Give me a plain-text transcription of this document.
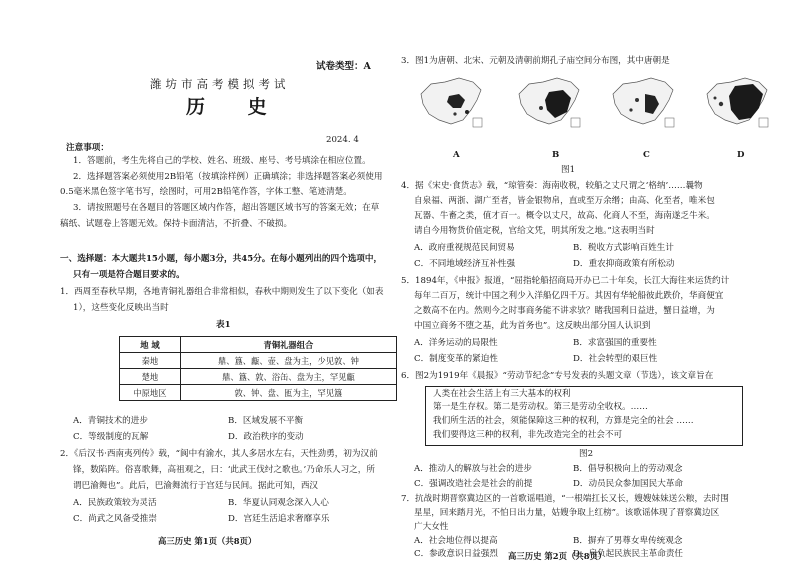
试卷类型：A
潍坊市高考模拟考试
历 史
2024. 4
注意事项：
1．答题前，考生先将自己的学校、姓名、班级、座号、考号填涂在相应位置。
2．选择题答案必须使用2B铅笔（按填涂样例）正确填涂；非选择题答案必须使用
0.5毫米黑色签字笔书写，绘图时，可用2B铅笔作答，字体工整、笔迹清楚。
3．请按照题号在各题目的答题区域内作答，超出答题区域书写的答案无效；在草
稿纸、试题卷上答题无效。保持卡面清洁，不折叠、不破损。
一、选择题：本大题共15小题，每小题3分，共45分。在每小题列出的四个选项中，
只有一项是符合题目要求的。
1．西周至春秋早期，各地青铜礼器组合非常相似，春秋中期则发生了以下变化（如表
1），这些变化反映出当时
表1
地 域	青铜礼器组合
秦地	鼎、簋、甗、壶、盘为主，少见敦、钟
楚地	鼎、簋、敦、浴缶、盘为主，罕见甗
中原地区	敦、钟、盘、匜为主，罕见簋
A．青铜技术的进步	B．区域发展不平衡
C．等级制度的瓦解	D．政治秩序的变动
2．《后汉书·西南夷列传》载，“阆中有渝水，其人多居水左右，天性劲勇，初为汉前
锋，数陷阵。俗喜歌舞，高祖观之，曰：‘此武王伐纣之歌也。’乃命乐人习之，所
谓巴渝舞也”。此后，巴渝舞流行于宫廷与民间。据此可知，西汉
A．民族政策较为灵活	B．华夏认同观念深入人心
C．尚武之风备受推崇	D．宫廷生活追求奢靡享乐
高三历史 第1页（共8页）
3．图1为唐朝、北宋、元朝及清朝前期孔子庙空间分布图，其中唐朝是
A	B	C	D
图1
4．据《宋史·食货志》载，“琼管奏：海南收税，较船之丈尺谓之‘格纳’……曩物
自泉福、两浙、湖广至者，皆金银物帛，直或至万余缗；由高、化至者，唯米包
瓦器、牛畜之类，值才百一。概令以丈尺，故高、化商人不至，海南遂乏牛米。
请自今用物货价值定税，官给文凭，明其所发之地。”这表明当时
A．政府重视规范民间贸易	B．税收方式影响百姓生计
C．不同地域经济互补性强	D．重农抑商政策有所松动
5．1894年，《申报》报道，“屈指轮船招商局开办已二十年矣，长江大海往来运货约计
每年二百万，统计中国之利少入洋船亿四千万。其因有华轮船彼此跌价，华商便宜
之数高不在内。然则今之时事商务能不讲求欤？睹我国利日益进，蟹日益增，为
中国立商务不堕之基，此为首务也”。这反映出部分国人认识到
A．洋务运动的局限性	B．求富强国的重要性
C．制度变革的紧迫性	D．社会转型的艰巨性
6．图2为1919年《晨报》“劳动节纪念”专号发表的头题文章（节选），该文章旨在
人类在社会生活上有三大基本的权利
第一是生存权。第二是劳动权。第三是劳动全收权。……
我们所生活的社会，须能保障这三种的权利，方算是完全的社会 ……
我们要得这三种的权利，非先改造完全的社会不可
图2
A．推动人的解放与社会的进步	B．倡导积极向上的劳动观念
C．强调改造社会是社会的前提	D．动员民众参加国民大革命
7．抗战时期晋察冀边区的一首歌谣唱道，“一根端扛长又长，嫂嫂妹妹送公粮，去时围
星星，回来踏月光，不怕日出力量，姑嫂争取上红榜”。该歌谣体现了晋察冀边区
广大女性
A．社会地位得以提高	B．摒弃了男尊女卑传统观念
C．参政意识日益强烈	D．肩负起民族民主革命责任
高三历史 第2页（共8页）
